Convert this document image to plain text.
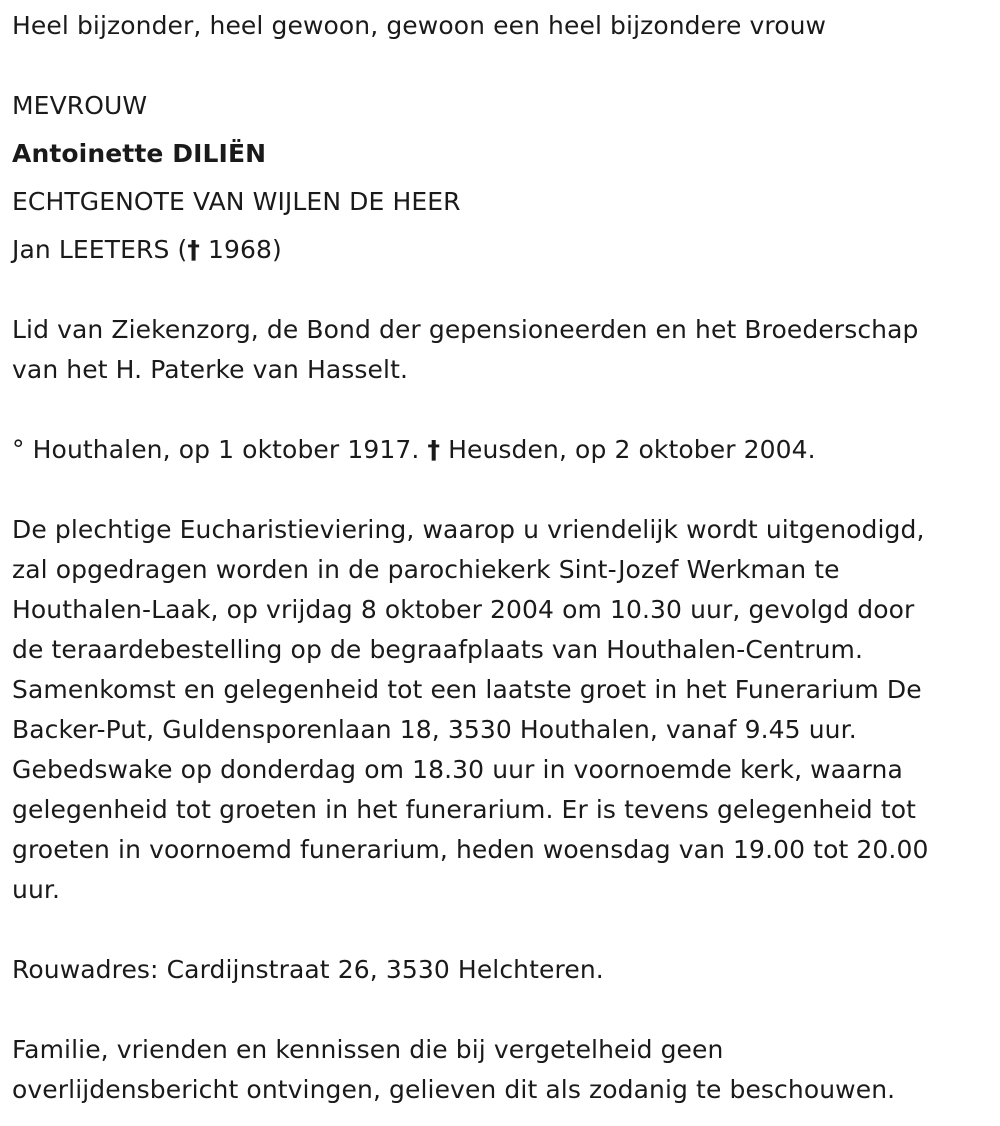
Heel bijzonder, heel gewoon, gewoon een heel bijzondere vrouw
MEVROUW
Antoinette DILIËN
ECHTGENOTE VAN WIJLEN DE HEER
Jan LEETERS († 1968)
Lid van Ziekenzorg, de Bond der gepensioneerden en het Broederschap
van het H. Paterke van Hasselt.
° Houthalen, op 1 oktober 1917. † Heusden, op 2 oktober 2004.
De plechtige Eucharistieviering, waarop u vriendelijk wordt uitgenodigd,
zal opgedragen worden in de parochiekerk Sint-Jozef Werkman te
Houthalen-Laak, op vrijdag 8 oktober 2004 om 10.30 uur, gevolgd door
de teraardebestelling op de begraafplaats van Houthalen-Centrum.
Samenkomst en gelegenheid tot een laatste groet in het Funerarium De
Backer-Put, Guldensporenlaan 18, 3530 Houthalen, vanaf 9.45 uur.
Gebedswake op donderdag om 18.30 uur in voornoemde kerk, waarna
gelegenheid tot groeten in het funerarium. Er is tevens gelegenheid tot
groeten in voornoemd funerarium, heden woensdag van 19.00 tot 20.00
uur.
Rouwadres: Cardijnstraat 26, 3530 Helchteren.
Familie, vrienden en kennissen die bij vergetelheid geen
overlijdensbericht ontvingen, gelieven dit als zodanig te beschouwen.
